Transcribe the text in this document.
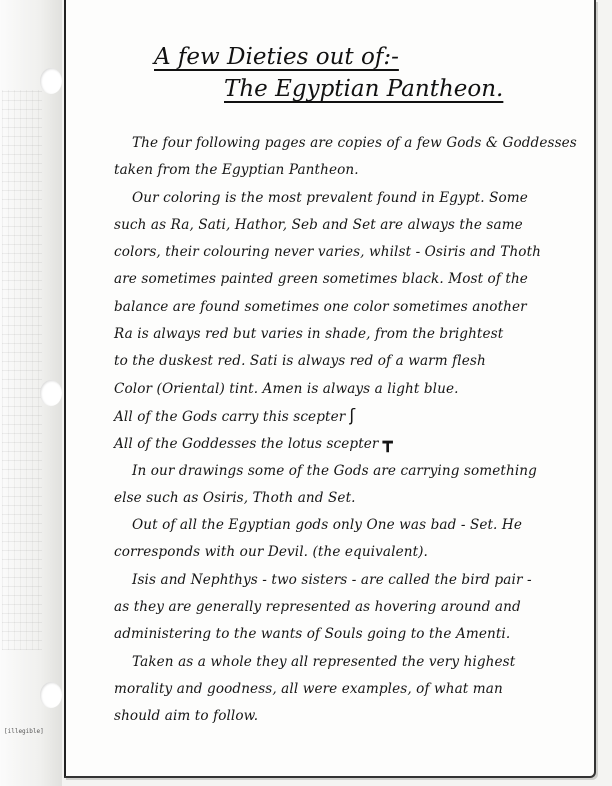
[illegible]
A few Dieties out of:-
The Egyptian Pantheon.
The four following pages are copies of a few Gods & Goddesses
taken from the Egyptian Pantheon.
Our coloring is the most prevalent found in Egypt. Some
such as Ra, Sati, Hathor, Seb and Set are always the same
colors, their colouring never varies, whilst - Osiris and Thoth
are sometimes painted green sometimes black. Most of the
balance are found sometimes one color sometimes another
Ra is always red but varies in shade, from the brightest
to the duskest red. Sati is always red of a warm flesh
Color (Oriental) tint. Amen is always a light blue.
All of the Gods carry this scepter ʃ
All of the Goddesses the lotus scepter ┳
In our drawings some of the Gods are carrying something
else such as Osiris, Thoth and Set.
Out of all the Egyptian gods only One was bad - Set. He
corresponds with our Devil. (the equivalent).
Isis and Nephthys - two sisters - are called the bird pair -
as they are generally represented as hovering around and
administering to the wants of Souls going to the Amenti.
Taken as a whole they all represented the very highest
morality and goodness, all were examples, of what man
should aim to follow.
